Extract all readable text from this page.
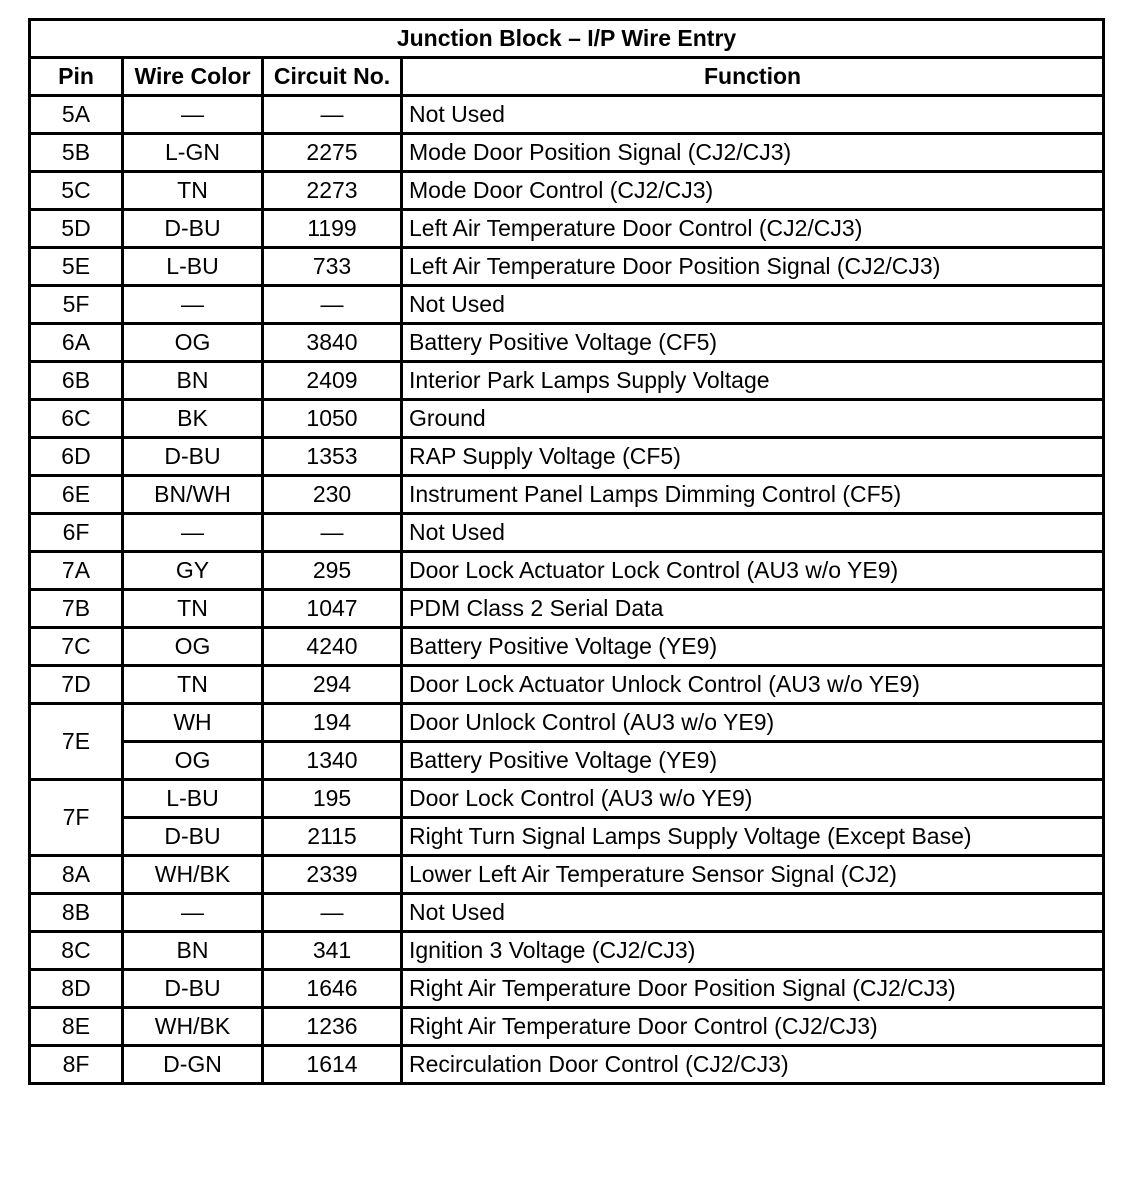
Junction Block – I/P Wire Entry			
Pin	Wire Color	Circuit No.	Function
5A	—	—	Not Used
5B	L-GN	2275	Mode Door Position Signal (CJ2/CJ3)
5C	TN	2273	Mode Door Control (CJ2/CJ3)
5D	D-BU	1199	Left Air Temperature Door Control (CJ2/CJ3)
5E	L-BU	733	Left Air Temperature Door Position Signal (CJ2/CJ3)
5F	—	—	Not Used
6A	OG	3840	Battery Positive Voltage (CF5)
6B	BN	2409	Interior Park Lamps Supply Voltage
6C	BK	1050	Ground
6D	D-BU	1353	RAP Supply Voltage (CF5)
6E	BN/WH	230	Instrument Panel Lamps Dimming Control (CF5)
6F	—	—	Not Used
7A	GY	295	Door Lock Actuator Lock Control (AU3 w/o YE9)
7B	TN	1047	PDM Class 2 Serial Data
7C	OG	4240	Battery Positive Voltage (YE9)
7D	TN	294	Door Lock Actuator Unlock Control (AU3 w/o YE9)
7E	WH	194	Door Unlock Control (AU3 w/o YE9)
	OG	1340	Battery Positive Voltage (YE9)
7F	L-BU	195	Door Lock Control (AU3 w/o YE9)
	D-BU	2115	Right Turn Signal Lamps Supply Voltage (Except Base)
8A	WH/BK	2339	Lower Left Air Temperature Sensor Signal (CJ2)
8B	—	—	Not Used
8C	BN	341	Ignition 3 Voltage (CJ2/CJ3)
8D	D-BU	1646	Right Air Temperature Door Position Signal (CJ2/CJ3)
8E	WH/BK	1236	Right Air Temperature Door Control (CJ2/CJ3)
8F	D-GN	1614	Recirculation Door Control (CJ2/CJ3)
